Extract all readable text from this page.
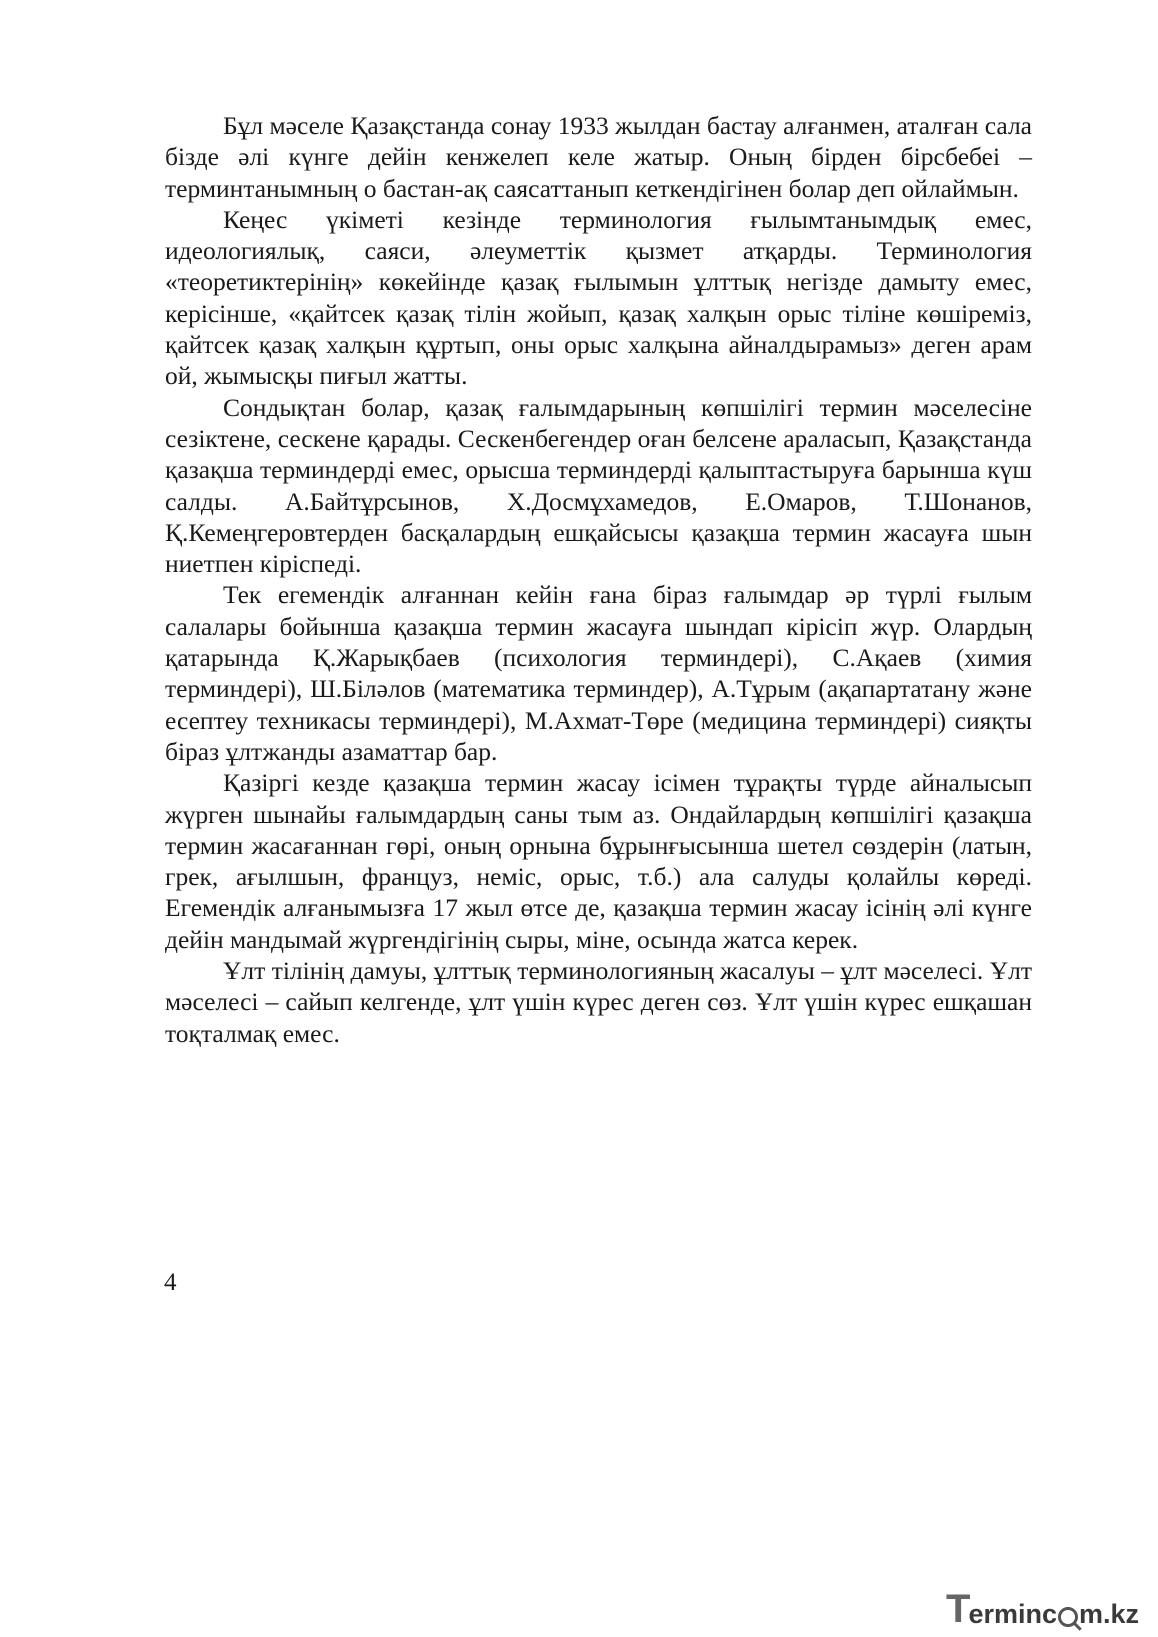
Бұл мәселе Қазақстанда сонау 1933 жылдан бастау алғанмен, аталған сала бізде әлі күнге дейін кенжелеп келе жатыр. Оның бірден бірсбебеі – терминтанымның о бастан-ақ саясаттанып кеткендігінен болар деп ойлаймын.

Кеңес үкіметі кезінде терминология ғылымтанымдық емес, идеологиялық, саяси, әлеуметтік қызмет атқарды. Терминология «теоретиктерінің» көкейінде қазақ ғылымын ұлттық негізде дамыту емес, керісінше, «қайтсек қазақ тілін жойып, қазақ халқын орыс тіліне көшіреміз, қайтсек қазақ халқын құртып, оны орыс халқына айналдырамыз» деген арам ой, жымысқы пиғыл жатты.

Сондықтан болар, қазақ ғалымдарының көпшілігі термин мәселесіне сезіктене, сескене қарады. Сескенбегендер оған белсене араласып, Қазақстанда қазақша терминдерді емес, орысша терминдерді қалыптастыруға барынша күш салды. А.Байтұрсынов, Х.Досмұхамедов, Е.Омаров, Т.Шонанов, Қ.Кемеңгеровтерден басқалардың ешқайсысы қазақша термин жасауға шын ниетпен кіріспеді.

Тек егемендік алғаннан кейін ғана біраз ғалымдар әр түрлі ғылым салалары бойынша қазақша термин жасауға шындап кірісіп жүр. Олардың қатарында Қ.Жарықбаев (психология терминдері), С.Ақаев (химия терминдері), Ш.Біләлов (математика терминдер), А.Тұрым (ақапартатану және есептеу техникасы терминдері), М.Ахмат-Төре (медицина терминдері) сияқты біраз ұлтжанды азаматтар бар.

Қазіргі кезде қазақша термин жасау ісімен тұрақты түрде айналысып жүрген шынайы ғалымдардың саны тым аз. Ондайлардың көпшілігі қазақша термин жасағаннан гөрі, оның орнына бұрынғысынша шетел сөздерін (латын, грек, ағылшын, француз, неміс, орыс, т.б.) ала салуды қолайлы көреді. Егемендік алғанымызға 17 жыл өтсе де, қазақша термин жасау ісінің әлі күнге дейін мандымай жүргендігінің сыры, міне, осында жатса керек.

Ұлт тілінің дамуы, ұлттық терминологияның жасалуы – ұлт мәселесі. Ұлт мәселесі – сайып келгенде, ұлт үшін күрес деген сөз. Ұлт үшін күрес ешқашан тоқталмақ емес.

4
T erminc m.kz
